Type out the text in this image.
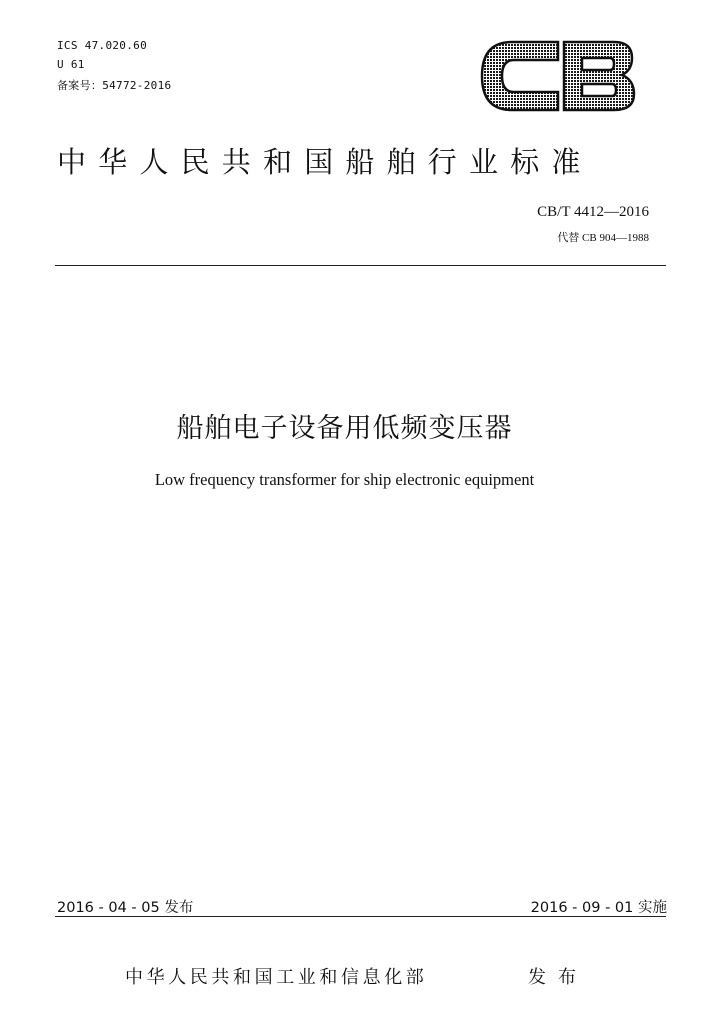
ICS 47.020.60
U 61
备案号：54772-2016
中华人民共和国船舶行业标准
CB/T 4412—2016
代替 CB 904—1988
船舶电子设备用低频变压器
Low frequency transformer for ship electronic equipment
2016 - 04 - 05 发布	2016 - 09 - 01 实施
中华人民共和国工业和信息化部	发布
